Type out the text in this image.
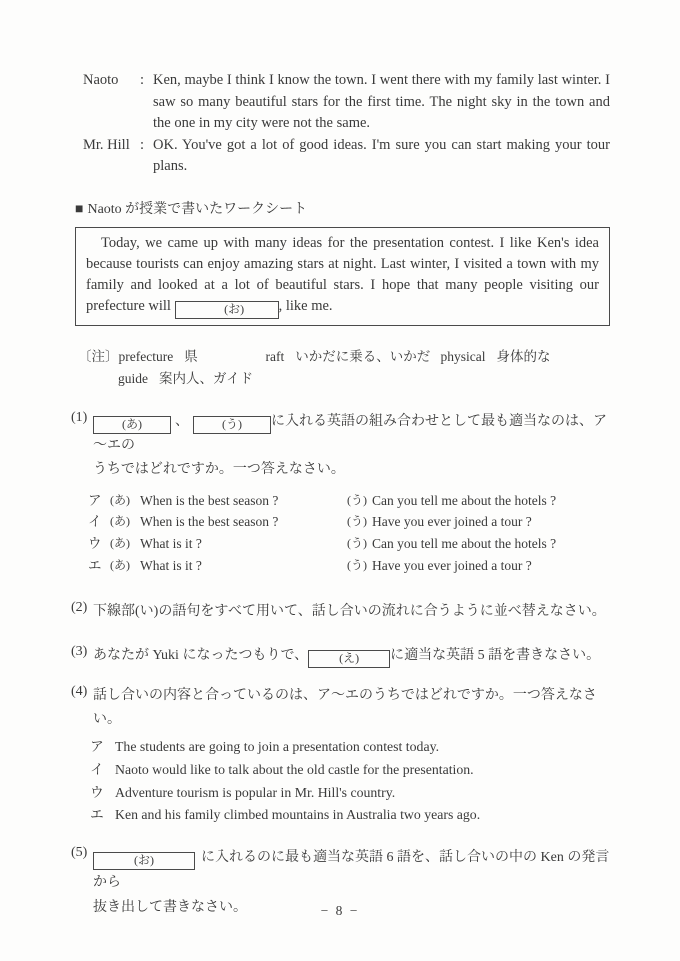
Naoto	: Ken, maybe I think I know the town. I went there with my family last winter. I saw so many beautiful stars for the first time. The night sky in the town and the one in my city were not the same.
Mr. Hill : OK. You've got a lot of good ideas. I'm sure you can start making your tour plans.
■ Naoto が授業で書いたワークシート

Today, we came up with many ideas for the presentation contest. I like Ken's idea because tourists can enjoy amazing stars at night. Last winter, I visited a town with my family and looked at a lot of beautiful stars. I hope that many people visiting our prefecture will	(お) , like me.

〔注〕 prefecture 県	raft いかだに乗る、いかだ physical 身体的な
guide 案内人、ガイド
(1)	(あ) 、	(う) に入れる英語の組み合わせとして最も適当なのは、ア～エの
うちではどれですか。一つ答えなさい。
ア (あ) When is the best season ?	(う) Can you tell me about the hotels ?
イ (あ) When is the best season ?	(う) Have you ever joined a tour ?
ウ (あ) What is it ?	(う) Can you tell me about the hotels ?
エ (あ) What is it ?	(う) Have you ever joined a tour ?
(2) 下線部(い)の語句をすべて用いて、話し合いの流れに合うように並べ替えなさい。
(3) あなたが Yuki になったつもりで、	(え) に適当な英語 5 語を書きなさい。
(4) 話し合いの内容と合っているのは、ア～エのうちではどれですか。一つ答えなさい。
ア The students are going to join a presentation contest today.
イ Naoto would like to talk about the old castle for the presentation.
ウ Adventure tourism is popular in Mr. Hill's country.
エ Ken and his family climbed mountains in Australia two years ago.
(5)	(お)	に入れるのに最も適当な英語 6 語を、話し合いの中の Ken の発言から
抜き出して書きなさい。	− 8 −
